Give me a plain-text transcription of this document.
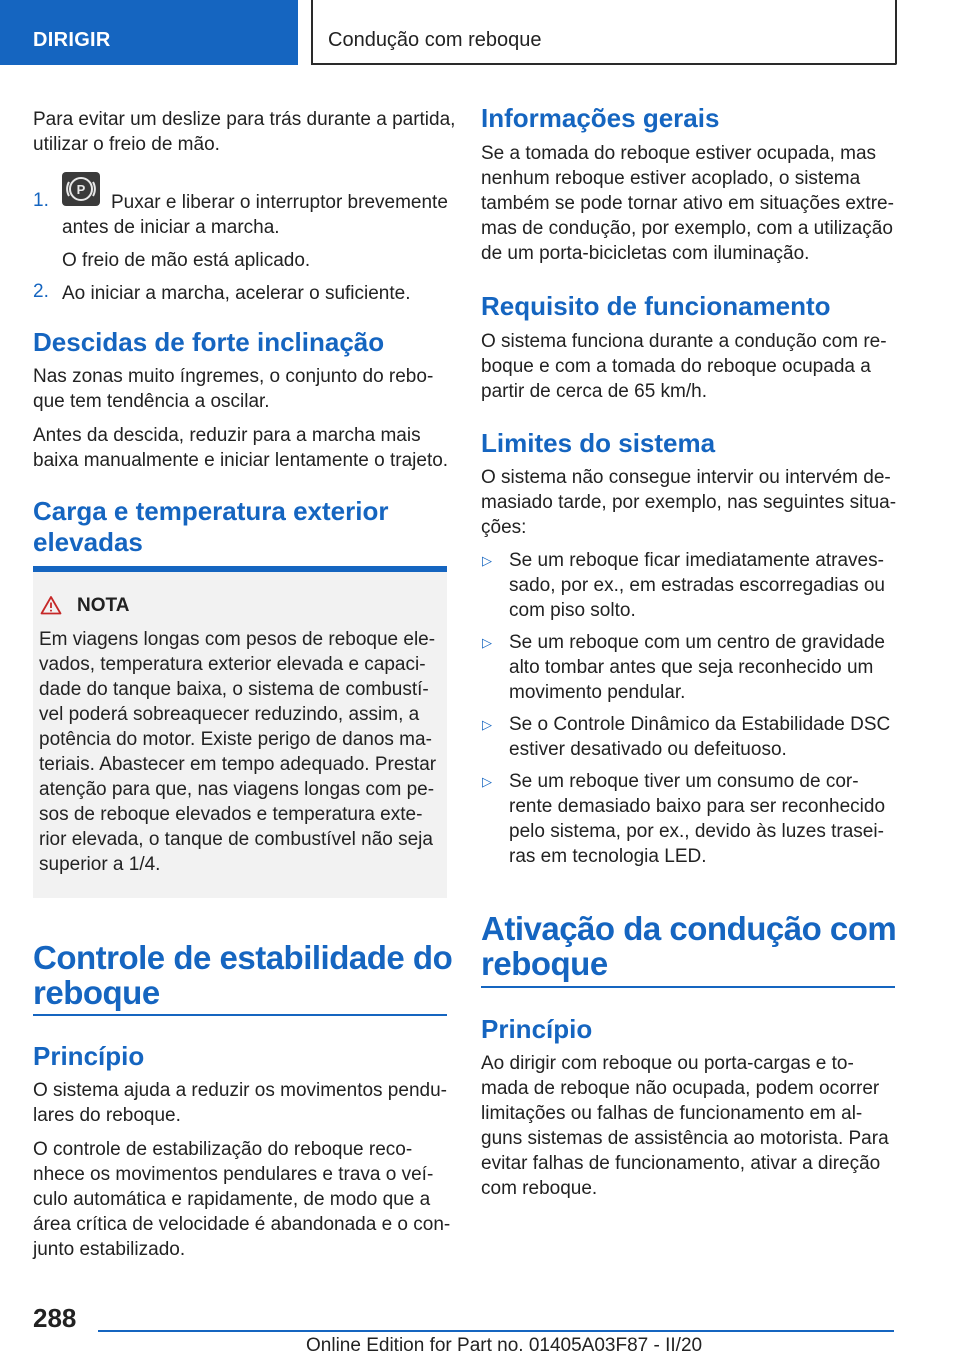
DIRIGIR	Condução com reboque

Para evitar um deslize para trás durante a partida,

utilizar o freio de mão.

1.
P

Puxar e liberar o interruptor brevemente

antes de iniciar a marcha.

O freio de mão está aplicado.

2. Ao iniciar a marcha, acelerar o suficiente.

Descidas de forte inclinação

Nas zonas muito íngremes, o conjunto do rebo-

que tem tendência a oscilar.

Antes da descida, reduzir para a marcha mais

baixa manualmente e iniciar lentamente o trajeto.

Carga e temperatura exterior
elevadas
NOTA

Em viagens longas com pesos de reboque ele-

vados, temperatura exterior elevada e capaci-

dade do tanque baixa, o sistema de combustí-

vel poderá sobreaquecer reduzindo, assim, a

potência do motor. Existe perigo de danos ma-

teriais. Abastecer em tempo adequado. Prestar

atenção para que, nas viagens longas com pe-

sos de reboque elevados e temperatura exte-

rior elevada, o tanque de combustível não seja

superior a 1/4.

Controle de estabilidade do
reboque
Princípio

O sistema ajuda a reduzir os movimentos pendu-

lares do reboque.

O controle de estabilização do reboque reco-

nhece os movimentos pendulares e trava o veí-

culo automática e rapidamente, de modo que a

área crítica de velocidade é abandonada e o con-

junto estabilizado.

Informações gerais

Se a tomada do reboque estiver ocupada, mas

nenhum reboque estiver acoplado, o sistema

também se pode tornar ativo em situações extre-

mas de condução, por exemplo, com a utilização

de um porta-bicicletas com iluminação.

Requisito de funcionamento

O sistema funciona durante a condução com re-

boque e com a tomada do reboque ocupada a

partir de cerca de 65 km/h.

Limites do sistema

O sistema não consegue intervir ou intervém de-

masiado tarde, por exemplo, nas seguintes situa-

ções:

▷ Se um reboque ficar imediatamente atraves-

sado, por ex., em estradas escorregadias ou

com piso solto.

▷ Se um reboque com um centro de gravidade

alto tombar antes que seja reconhecido um

movimento pendular.

▷ Se o Controle Dinâmico da Estabilidade DSC

estiver desativado ou defeituoso.

▷ Se um reboque tiver um consumo de cor-

rente demasiado baixo para ser reconhecido

pelo sistema, por ex., devido às luzes trasei-

ras em tecnologia LED.

Ativação da condução com
reboque
Princípio

Ao dirigir com reboque ou porta-cargas e to-

mada de reboque não ocupada, podem ocorrer

limitações ou falhas de funcionamento em al-

guns sistemas de assistência ao motorista. Para

evitar falhas de funcionamento, ativar a direção

com reboque.

288
Online Edition for Part no. 01405A03F87 - II/20
